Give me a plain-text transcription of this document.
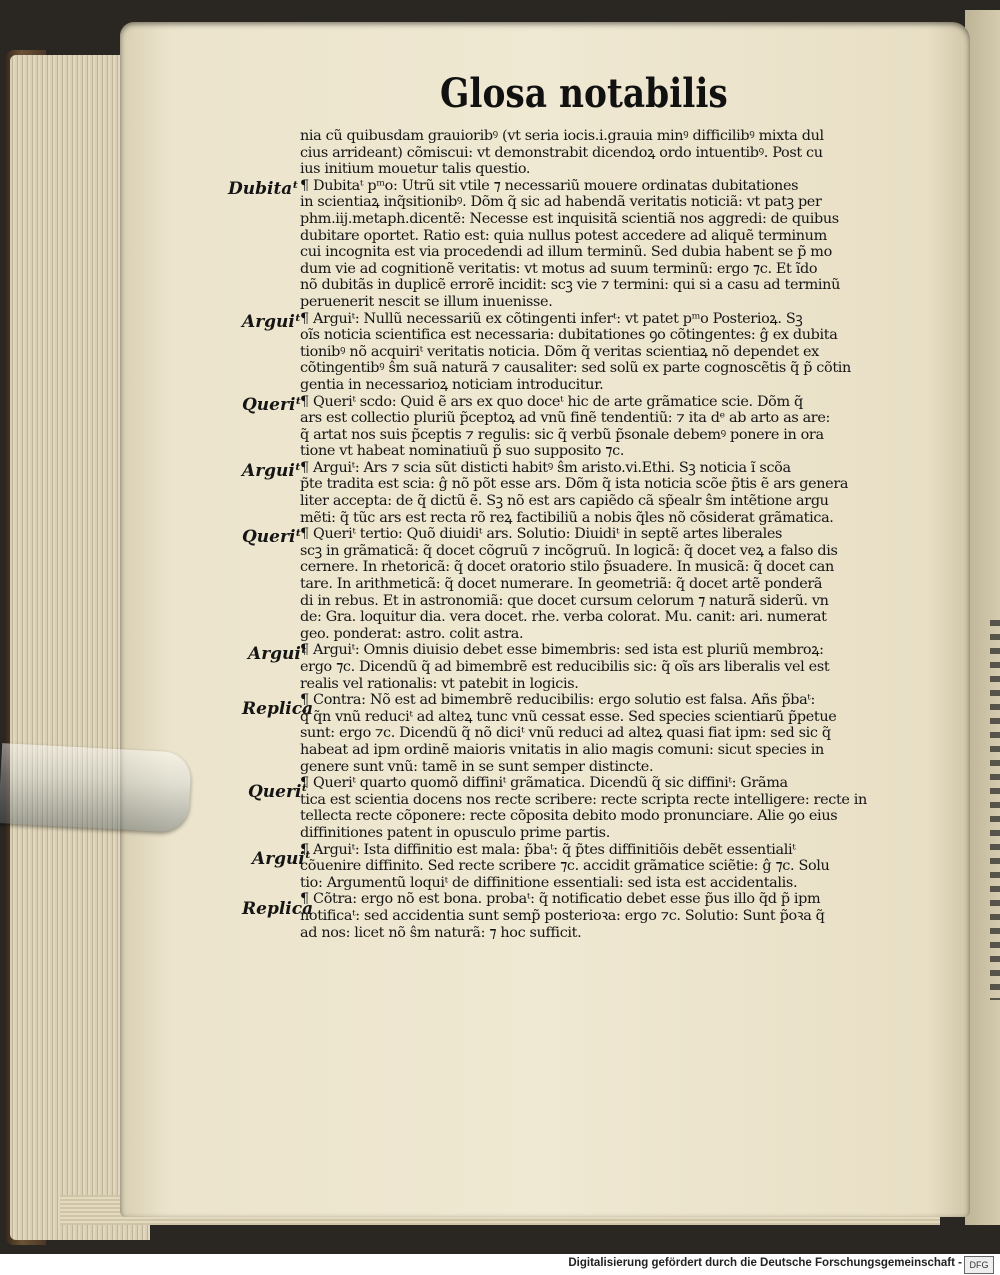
Glosa notabilis
nia cũ quibusdam grauioribꝰ (vt seria iocis.i.grauia minꝰ difficilibꝰ mixta dul
cius arrideant) cõmiscui: vt demonstrabit dicendoꝝ ordo intuentibꝰ. Post cu
ius initium mouetur talis questio.
¶ Dubitaᵗ pᵐo: Utrũ sit vtile ⁊ necessariũ mouere ordinatas dubitationes
in scientiaꝝ inq̃sitionibꝰ. Dõm q̃ sic ad habendã veritatis noticiã: vt patꝫ per
phm.iij.metaph.dicentẽ: Necesse est inquisitã scientiã nos aggredi: de quibus
dubitare oportet. Ratio est: quia nullus potest accedere ad aliquẽ terminum
cui incognita est via procedendi ad illum terminũ. Sed dubia habent se p̃ mo
dum vie ad cognitionẽ veritatis: vt motus ad suum terminũ: ergo ⁊c. Et ĩdo
nõ dubitãs in duplicẽ errorẽ incidit: scꝫ vie ⁊ termini: qui si a casu ad terminũ
peruenerit nescit se illum inuenisse.
¶ Arguiᵗ: Nullũ necessariũ ex cõtingenti inferᵗ: vt patet pᵐo Posterioꝝ. Sꝫ
oĩs noticia scientifica est necessaria: dubitationes ꝯo cõtingentes: ĝ ex dubita
tionibꝰ nõ acquiriᵗ veritatis noticia. Dõm q̃ veritas scientiaꝝ nõ dependet ex
cõtingentibꝰ ŝm suã naturã ⁊ causaliter: sed solũ ex parte cognoscẽtis q̃ p̃ cõtin
gentia in necessarioꝝ noticiam introducitur.
¶ Queriᵗ scdo: Quid ẽ ars ex quo doceᵗ hic de arte grãmatice scie. Dõm q̃
ars est collectio pluriũ p̃ceptoꝝ ad vnũ finẽ tendentiũ: ⁊ ita dᵉ ab arto as are:
q̃ artat nos suis p̃ceptis ⁊ regulis: sic q̃ verbũ p̃sonale debemꝰ ponere in ora
tione vt habeat nominatiuũ p̃ suo supposito ⁊c.
¶ Arguiᵗ: Ars ⁊ scia sũt disticti habitꝰ ŝm aristo.vi.Ethi. Sꝫ noticia ĩ scõa
p̃te tradita est scia: ĝ nõ põt esse ars. Dõm q̃ ista noticia scõe p̃tis ẽ ars genera
liter accepta: de q̃ dictũ ẽ. Sꝫ nõ est ars capiẽdo cã sp̃ealr ŝm intẽtione argu
mẽti: q̃ tũc ars est recta rõ reꝝ factibiliũ a nobis q̃les nõ cõsiderat grãmatica.
¶ Queriᵗ tertio: Quõ diuidiᵗ ars. Solutio: Diuidiᵗ in septẽ artes liberales
scꝫ in grãmaticã: q̃ docet cõgruũ ⁊ incõgruũ. In logicã: q̃ docet veꝝ a falso dis
cernere. In rhetoricã: q̃ docet oratorio stilo p̃suadere. In musicã: q̃ docet can
tare. In arithmeticã: q̃ docet numerare. In geometriã: q̃ docet artẽ ponderã
di in rebus. Et in astronomiã: que docet cursum celorum ⁊ naturã siderũ. vn
de: Gra. loquitur dia. vera docet. rhe. verba colorat. Mu. canit: ari. numerat
geo. ponderat: astro. colit astra.
¶ Arguiᵗ: Omnis diuisio debet esse bimembris: sed ista est pluriũ membroꝝ:
ergo ⁊c. Dicendũ q̃ ad bimembrẽ est reducibilis sic: q̃ oĩs ars liberalis vel est
realis vel rationalis: vt patebit in logicis.
¶ Contra: Nõ est ad bimembrẽ reducibilis: ergo solutio est falsa. Añs p̃baᵗ:
q̃ q̃n vnũ reduciᵗ ad alteꝝ tunc vnũ cessat esse. Sed species scientiarũ p̃petue
sunt: ergo ⁊c. Dicendũ q̃ nõ diciᵗ vnũ reduci ad alteꝝ quasi fiat ipm: sed sic q̃
habeat ad ipm ordinẽ maioris vnitatis in alio magis comuni: sicut species in
genere sunt vnũ: tamẽ in se sunt semper distincte.
¶ Queriᵗ quarto quomõ diffiniᵗ grãmatica. Dicendũ q̃ sic diffiniᵗ: Grãma
tica est scientia docens nos recte scribere: recte scripta recte intelligere: recte in
tellecta recte cõponere: recte cõposita debito modo pronunciare. Alie ꝯo eius
diffinitiones patent in opusculo prime partis.
¶ Arguiᵗ: Ista diffinitio est mala: p̃baᵗ: q̃ p̃tes diffinitiõis debẽt essentialiᵗ
cõuenire diffinito. Sed recte scribere ⁊c. accidit grãmatice sciẽtie: ĝ ⁊c. Solu
tio: Argumentũ loquiᵗ de diffinitione essentiali: sed ista est accidentalis.
¶ Cõtra: ergo nõ est bona. probaᵗ: q̃ notificatio debet esse p̃us illo q̃d p̃ ipm
notificaᵗ: sed accidentia sunt semp̃ posterioꝛa: ergo ⁊c. Solutio: Sunt p̃oꝛa q̃
ad nos: licet nõ ŝm naturã: ⁊ hoc sufficit.
Dubitaᵗ
Arguiᵗ
Queriᵗ
Arguiᵗ
Queriᵗ
Arguiᵗ
Replica
Queriᵗ
Arguiᵗ
Replica
Digitalisierung gefördert durch die Deutsche Forschungsgemeinschaft - DFG
